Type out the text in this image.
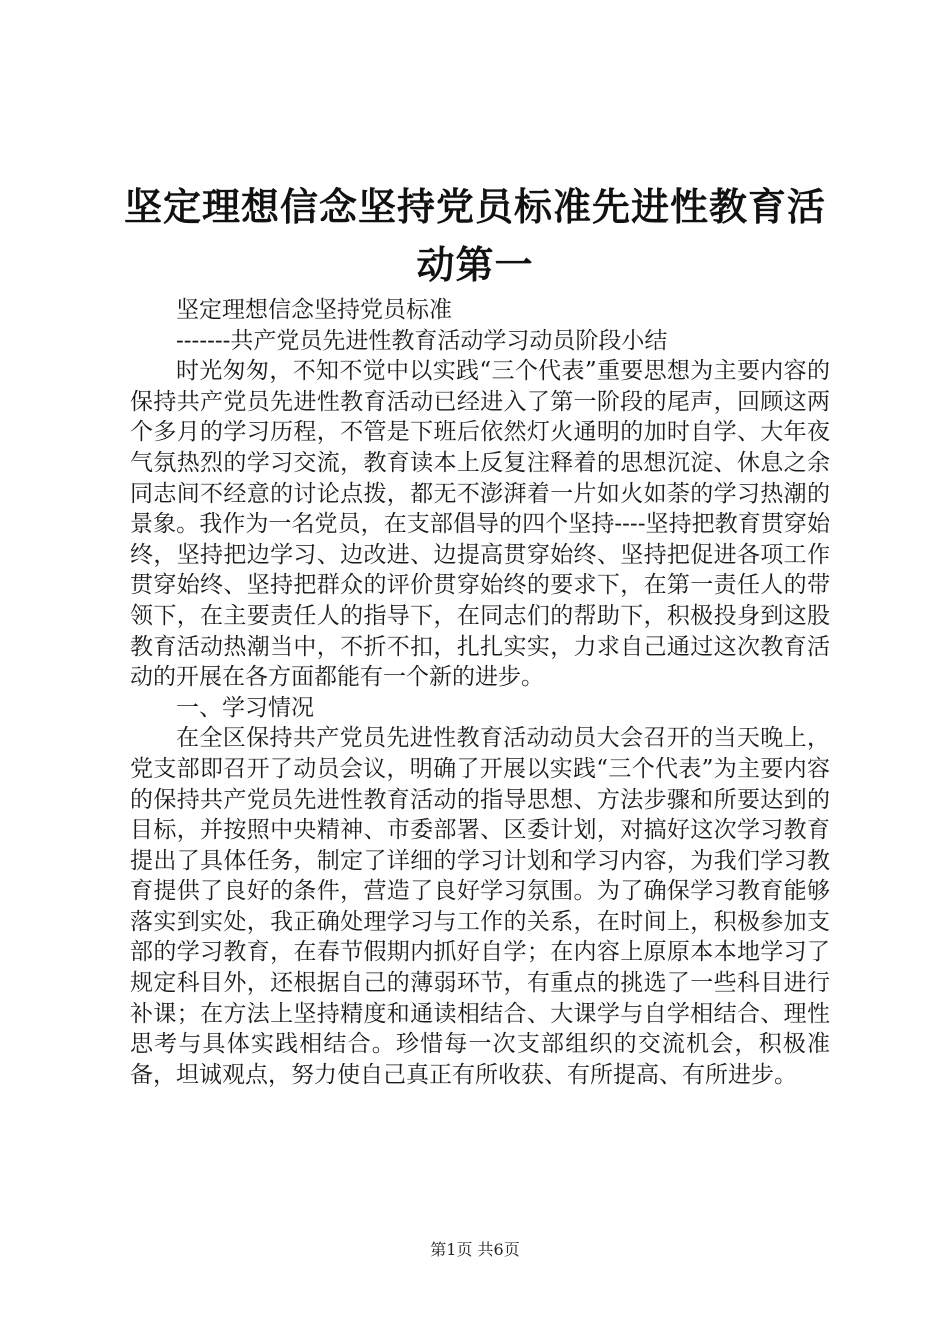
坚定理想信念坚持党员标准先进性教育活动第一

坚定理想信念坚持党员标准

-------共产党员先进性教育活动学习动员阶段小结

时光匆匆，不知不觉中以实践“三个代表”重要思想为主要内容的保持共产党员先进性教育活动已经进入了第一阶段的尾声，回顾这两个多月的学习历程，不管是下班后依然灯火通明的加时自学、大年夜气氛热烈的学习交流，教育读本上反复注释着的思想沉淀、休息之余同志间不经意的讨论点拨，都无不澎湃着一片如火如荼的学习热潮的景象。我作为一名党员，在支部倡导的四个坚持----坚持把教育贯穿始终，坚持把边学习、边改进、边提高贯穿始终、坚持把促进各项工作贯穿始终、坚持把群众的评价贯穿始终的要求下，在第一责任人的带领下，在主要责任人的指导下，在同志们的帮助下，积极投身到这股教育活动热潮当中，不折不扣，扎扎实实，力求自己通过这次教育活动的开展在各方面都能有一个新的进步。

一、学习情况

在全区保持共产党员先进性教育活动动员大会召开的当天晚上，党支部即召开了动员会议，明确了开展以实践“三个代表”为主要内容的保持共产党员先进性教育活动的指导思想、方法步骤和所要达到的目标，并按照中央精神、市委部署、区委计划，对搞好这次学习教育提出了具体任务，制定了详细的学习计划和学习内容，为我们学习教育提供了良好的条件，营造了良好学习氛围。为了确保学习教育能够落实到实处，我正确处理学习与工作的关系，在时间上，积极参加支部的学习教育，在春节假期内抓好自学；在内容上原原本本地学习了规定科目外，还根据自己的薄弱环节，有重点的挑选了一些科目进行补课；在方法上坚持精度和通读相结合、大课学与自学相结合、理性思考与具体实践相结合。珍惜每一次支部组织的交流机会，积极准备，坦诚观点，努力使自己真正有所收获、有所提高、有所进步。

第1页 共6页
